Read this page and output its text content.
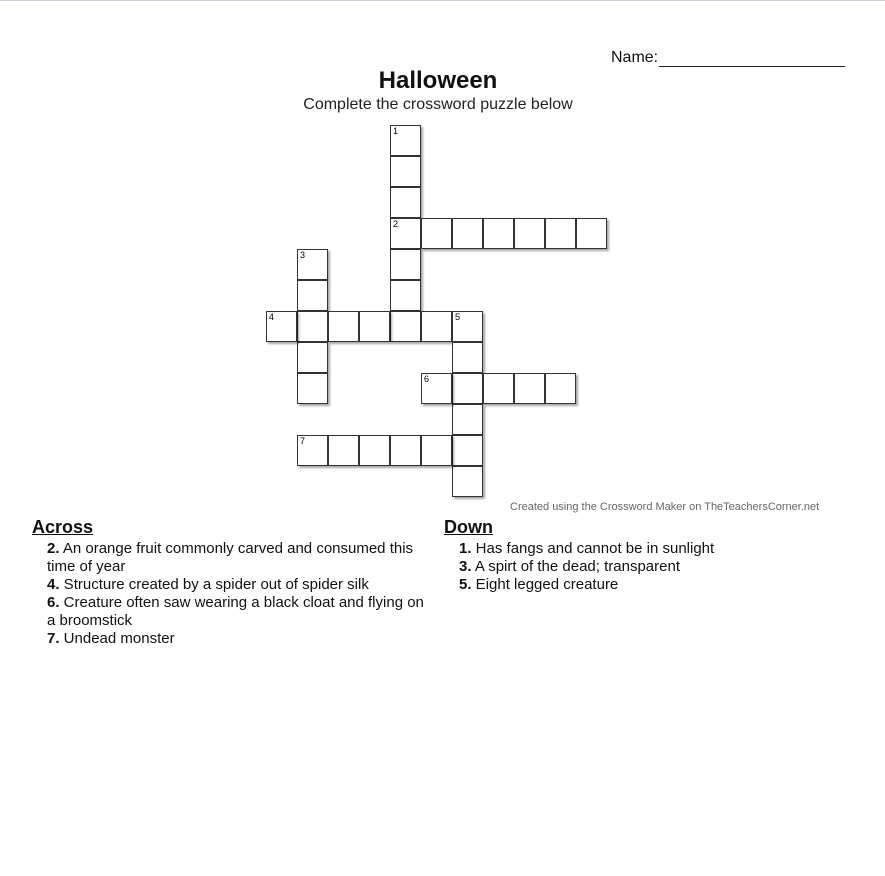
Name:
Halloween
Complete the crossword puzzle below
1
2
3
4	5
6
7
Created using the Crossword Maker on TheTeachersCorner.net
Across

2. An orange fruit commonly carved and consumed this time of year

4. Structure created by a spider out of spider silk

6. Creature often saw wearing a black cloat and flying on a broomstick

7. Undead monster

Down

1. Has fangs and cannot be in sunlight

3. A spirt of the dead; transparent

5. Eight legged creature
